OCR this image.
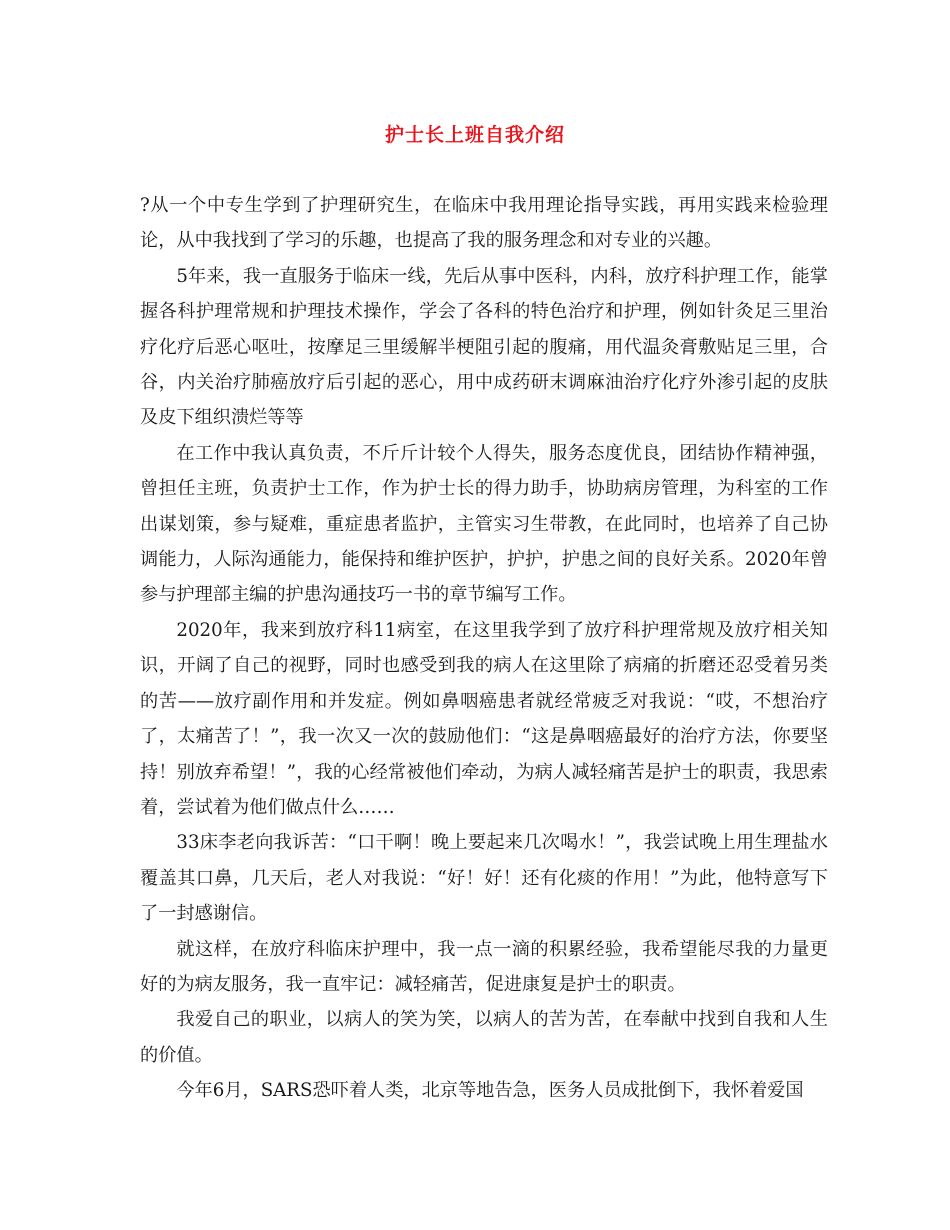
护士长上班自我介绍

?从一个中专生学到了护理研究生，在临床中我用理论指导实践，再用实践来检验理论，从中我找到了学习的乐趣，也提高了我的服务理念和对专业的兴趣。

5年来，我一直服务于临床一线，先后从事中医科，内科，放疗科护理工作，能掌握各科护理常规和护理技术操作，学会了各科的特色治疗和护理，例如针灸足三里治疗化疗后恶心呕吐，按摩足三里缓解半梗阻引起的腹痛，用代温灸膏敷贴足三里，合谷，内关治疗肺癌放疗后引起的恶心，用中成药研末调麻油治疗化疗外渗引起的皮肤及皮下组织溃烂等等

在工作中我认真负责，不斤斤计较个人得失，服务态度优良，团结协作精神强，曾担任主班，负责护士工作，作为护士长的得力助手，协助病房管理，为科室的工作出谋划策，参与疑难，重症患者监护，主管实习生带教，在此同时，也培养了自己协调能力，人际沟通能力，能保持和维护医护，护护，护患之间的良好关系。2020年曾参与护理部主编的护患沟通技巧一书的章节编写工作。

2020年，我来到放疗科11病室，在这里我学到了放疗科护理常规及放疗相关知识，开阔了自己的视野，同时也感受到我的病人在这里除了病痛的折磨还忍受着另类的苦——放疗副作用和并发症。例如鼻咽癌患者就经常疲乏对我说：“哎，不想治疗了，太痛苦了！”，我一次又一次的鼓励他们：“这是鼻咽癌最好的治疗方法，你要坚持！别放弃希望！”，我的心经常被他们牵动，为病人减轻痛苦是护士的职责，我思索着，尝试着为他们做点什么……

33床李老向我诉苦：“口干啊！晚上要起来几次喝水！”，我尝试晚上用生理盐水覆盖其口鼻，几天后，老人对我说：“好！好！还有化痰的作用！”为此，他特意写下了一封感谢信。

就这样，在放疗科临床护理中，我一点一滴的积累经验，我希望能尽我的力量更好的为病友服务，我一直牢记：减轻痛苦，促进康复是护士的职责。

我爱自己的职业，以病人的笑为笑，以病人的苦为苦，在奉献中找到自我和人生的价值。

今年6月，SARS恐吓着人类，北京等地告急，医务人员成批倒下，我怀着爱国
